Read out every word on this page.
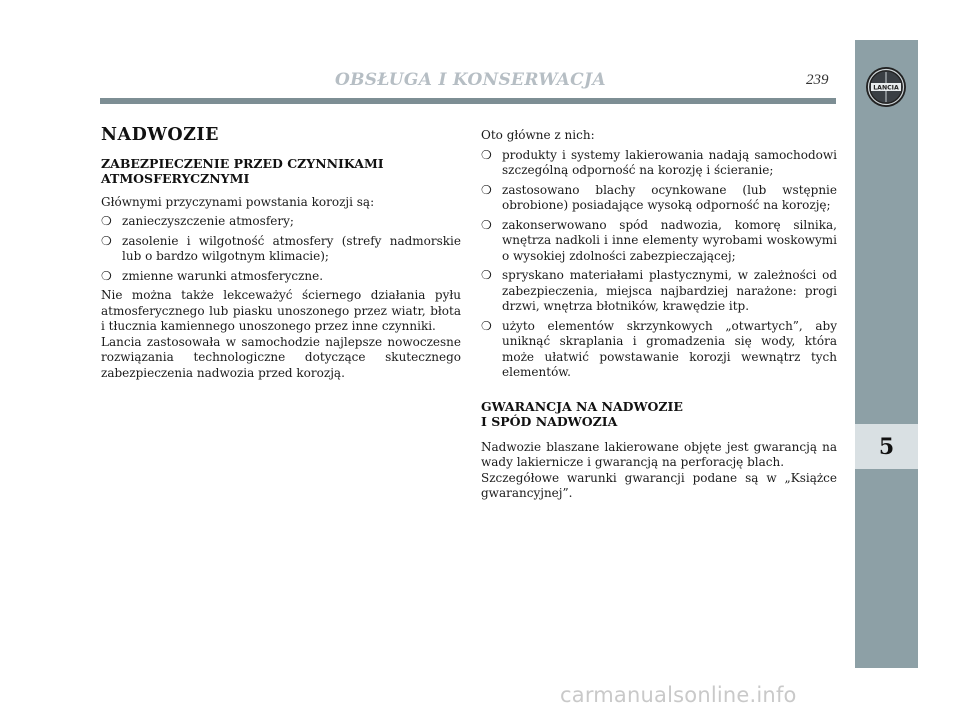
LANCIA
5
OBSŁUGA I KONSERWACJA	239
NADWOZIE
ZABEZPIECZENIE PRZED CZYNNIKAMI ATMOSFERYCZNYMI

Głównymi przyczynami powstania korozji są:

❍ zanieczyszczenie atmosfery;
❍ zasolenie i wilgotność atmosfery (strefy nadmorskie lub o bardzo wilgotnym klimacie);
❍ zmienne warunki atmosferyczne.

Nie można także lekceważyć ściernego działania pyłu atmosferycznego lub piasku unoszonego przez wiatr, błota i tłucznia kamiennego unoszonego przez inne czynniki.

Lancia zastosowała w samochodzie najlepsze nowoczesne rozwiązania technologiczne dotyczące skutecznego zabezpieczenia nadwozia przed korozją.

Oto główne z nich:

❍ produkty i systemy lakierowania nadają samochodowi szczególną odporność na korozję i ścieranie;
❍ zastosowano blachy ocynkowane (lub wstępnie obrobione) posiadające wysoką odporność na korozję;
❍ zakonserwowano spód nadwozia, komorę silnika, wnętrza nadkoli i inne elementy wyrobami woskowymi o wysokiej zdolności zabezpieczającej;
❍ spryskano materiałami plastycznymi, w zależności od zabezpieczenia, miejsca najbardziej narażone: progi drzwi, wnętrza błotników, krawędzie itp.
❍ użyto elementów skrzynkowych „otwartych”, aby uniknąć skraplania i gromadzenia się wody, która może ułatwić powstawanie korozji wewnątrz tych elementów.
GWARANCJA NA NADWOZIE
I SPÓD NADWOZIA

Nadwozie blaszane lakierowane objęte jest gwarancją na wady lakiernicze i gwarancją na perforację blach.

Szczegółowe warunki gwarancji podane są w „Książce gwarancyjnej”.

carmanualsonline.info
